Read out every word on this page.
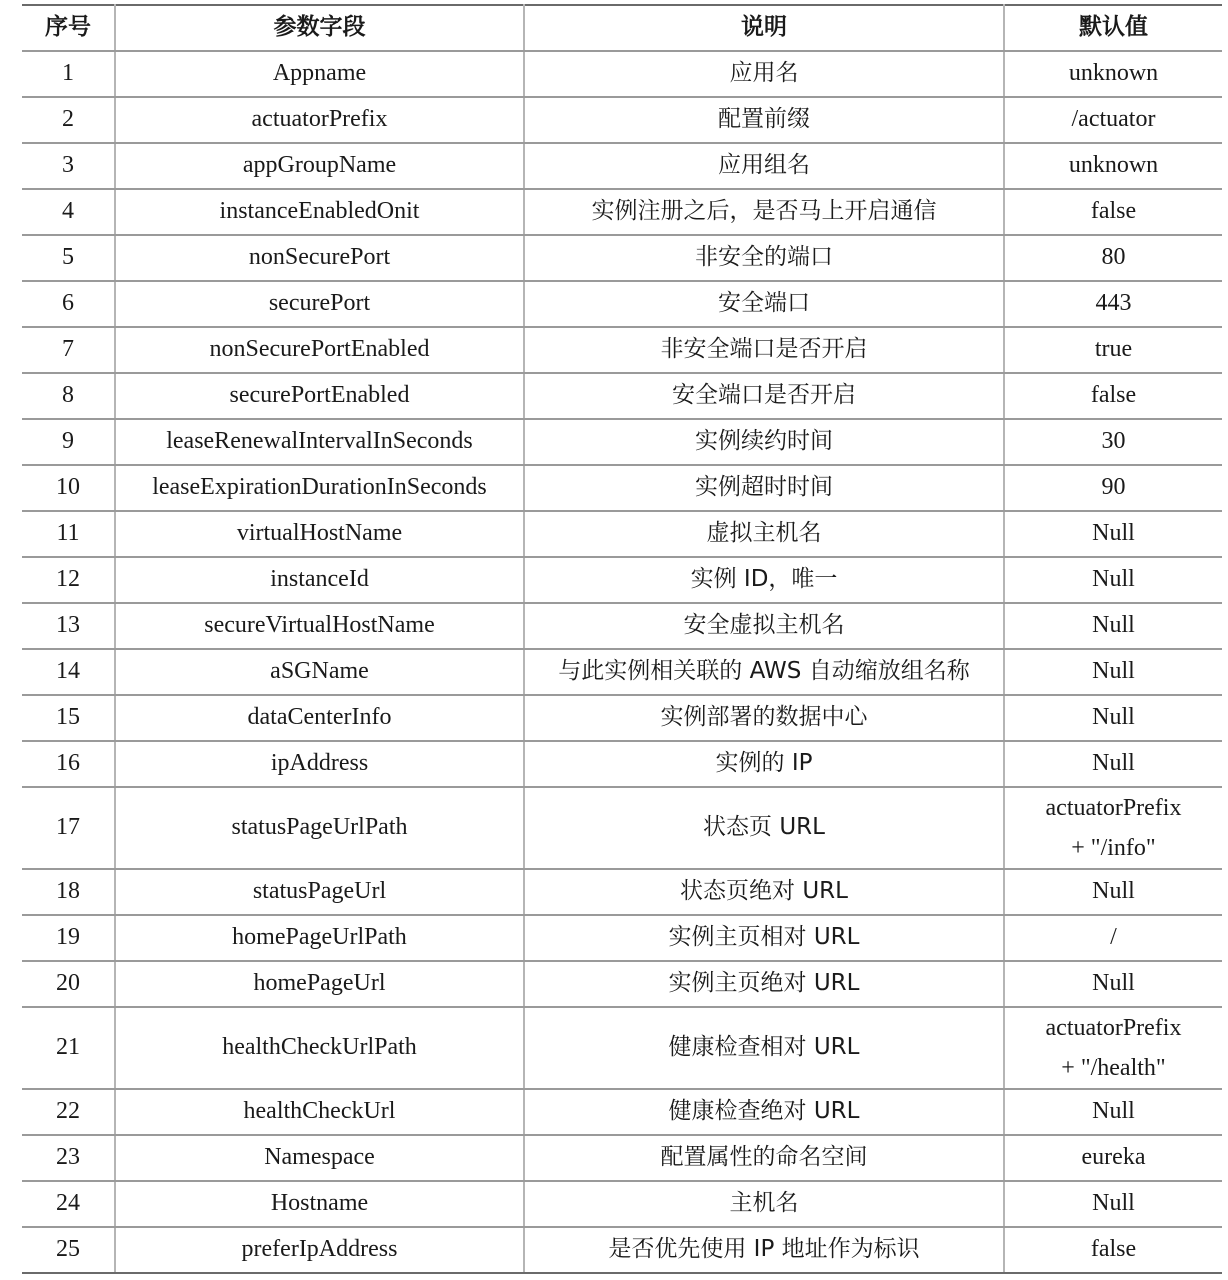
序号	参数字段	说明	默认值
1	Appname	应用名	unknown
2	actuatorPrefix	配置前缀	/actuator
3	appGroupName	应用组名	unknown
4	instanceEnabledOnit	实例注册之后，是否马上开启通信	false
5	nonSecurePort	非安全的端口	80
6	securePort	安全端口	443
7	nonSecurePortEnabled	非安全端口是否开启	true
8	securePortEnabled	安全端口是否开启	false
9	leaseRenewalIntervalInSeconds	实例续约时间	30
10	leaseExpirationDurationInSeconds	实例超时时间	90
11	virtualHostName	虚拟主机名	Null
12	instanceId	实例 ID，唯一	Null
13	secureVirtualHostName	安全虚拟主机名	Null
14	aSGName	与此实例相关联的 AWS 自动缩放组名称	Null
15	dataCenterInfo	实例部署的数据中心	Null
16	ipAddress	实例的 IP	Null
17	statusPageUrlPath	状态页 URL	actuatorPrefix
+ "/info"

18	statusPageUrl	状态页绝对 URL	Null
19	homePageUrlPath	实例主页相对 URL	/
20	homePageUrl	实例主页绝对 URL	Null
21	healthCheckUrlPath	健康检查相对 URL	actuatorPrefix
+ "/health"

22	healthCheckUrl	健康检查绝对 URL	Null
23	Namespace	配置属性的命名空间	eureka
24	Hostname	主机名	Null
25	preferIpAddress	是否优先使用 IP 地址作为标识	false
